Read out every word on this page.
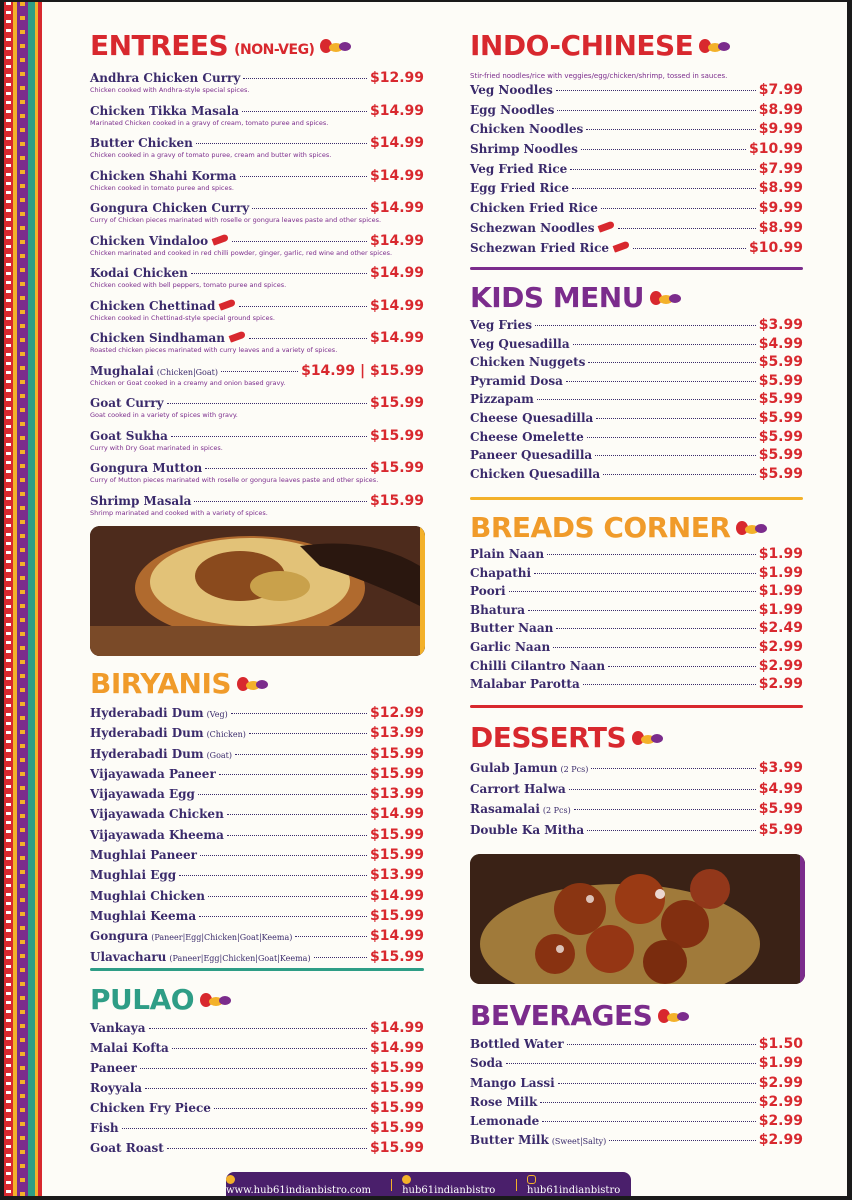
ENTREES (NON-VEG)
Andhra Chicken Curry	$12.99
Chicken cooked with Andhra-style special spices.
Chicken Tikka Masala	$14.99
Marinated Chicken cooked in a gravy of cream, tomato puree and spices.
Butter Chicken	$14.99
Chicken cooked in a gravy of tomato puree, cream and butter with spices.
Chicken Shahi Korma	$14.99
Chicken cooked in tomato puree and spices.
Gongura Chicken Curry	$14.99
Curry of Chicken pieces marinated with roselle or gongura leaves paste and other spices.
Chicken Vindaloo	$14.99
Chicken marinated and cooked in red chilli powder, ginger, garlic, red wine and other spices.
Kodai Chicken	$14.99
Chicken cooked with bell peppers, tomato puree and spices.
Chicken Chettinad	$14.99
Chicken cooked in Chettinad-style special ground spices.
Chicken Sindhaman	$14.99
Roasted chicken pieces marinated with curry leaves and a variety of spices.
Mughalai (Chicken|Goat)	$14.99 | $15.99
Chicken or Goat cooked in a creamy and onion based gravy.
Goat Curry	$15.99
Goat cooked in a variety of spices with gravy.
Goat Sukha	$15.99
Curry with Dry Goat marinated in spices.
Gongura Mutton	$15.99
Curry of Mutton pieces marinated with roselle or gongura leaves paste and other spices.
Shrimp Masala	$15.99
Shrimp marinated and cooked with a variety of spices.
BIRYANIS
Hyderabadi Dum (Veg)	$12.99
Hyderabadi Dum (Chicken)	$13.99
Hyderabadi Dum (Goat)	$15.99
Vijayawada Paneer	$15.99
Vijayawada Egg	$13.99
Vijayawada Chicken	$14.99
Vijayawada Kheema	$15.99
Mughlai Paneer	$15.99
Mughlai Egg	$13.99
Mughlai Chicken	$14.99
Mughlai Keema	$15.99
Gongura (Paneer|Egg|Chicken|Goat|Keema)	$14.99
Ulavacharu (Paneer|Egg|Chicken|Goat|Keema)	$15.99
PULAO
Vankaya	$14.99
Malai Kofta	$14.99
Paneer	$15.99
Royyala	$15.99
Chicken Fry Piece	$15.99
Fish	$15.99
Goat Roast	$15.99
INDO-CHINESE
Stir-fried noodles/rice with veggies/egg/chicken/shrimp, tossed in sauces.
Veg Noodles	$7.99
Egg Noodles	$8.99
Chicken Noodles	$9.99
Shrimp Noodles	$10.99
Veg Fried Rice	$7.99
Egg Fried Rice	$8.99
Chicken Fried Rice	$9.99
Schezwan Noodles	$8.99
Schezwan Fried Rice	$10.99
KIDS MENU
Veg Fries	$3.99
Veg Quesadilla	$4.99
Chicken Nuggets	$5.99
Pyramid Dosa	$5.99
Pizzapam	$5.99
Cheese Quesadilla	$5.99
Cheese Omelette	$5.99
Paneer Quesadilla	$5.99
Chicken Quesadilla	$5.99
BREADS CORNER
Plain Naan	$1.99
Chapathi	$1.99
Poori	$1.99
Bhatura	$1.99
Butter Naan	$2.49
Garlic Naan	$2.99
Chilli Cilantro Naan	$2.99
Malabar Parotta	$2.99
DESSERTS
Gulab Jamun (2 Pcs)	$3.99
Carrort Halwa	$4.99
Rasamalai (2 Pcs)	$5.99
Double Ka Mitha	$5.99
BEVERAGES
Bottled Water	$1.50
Soda	$1.99
Mango Lassi	$2.99
Rose Milk	$2.99
Lemonade	$2.99
Butter Milk (Sweet|Salty)	$2.99
www.hub61indianbistro.com	hub61indianbistro	hub61indianbistro
